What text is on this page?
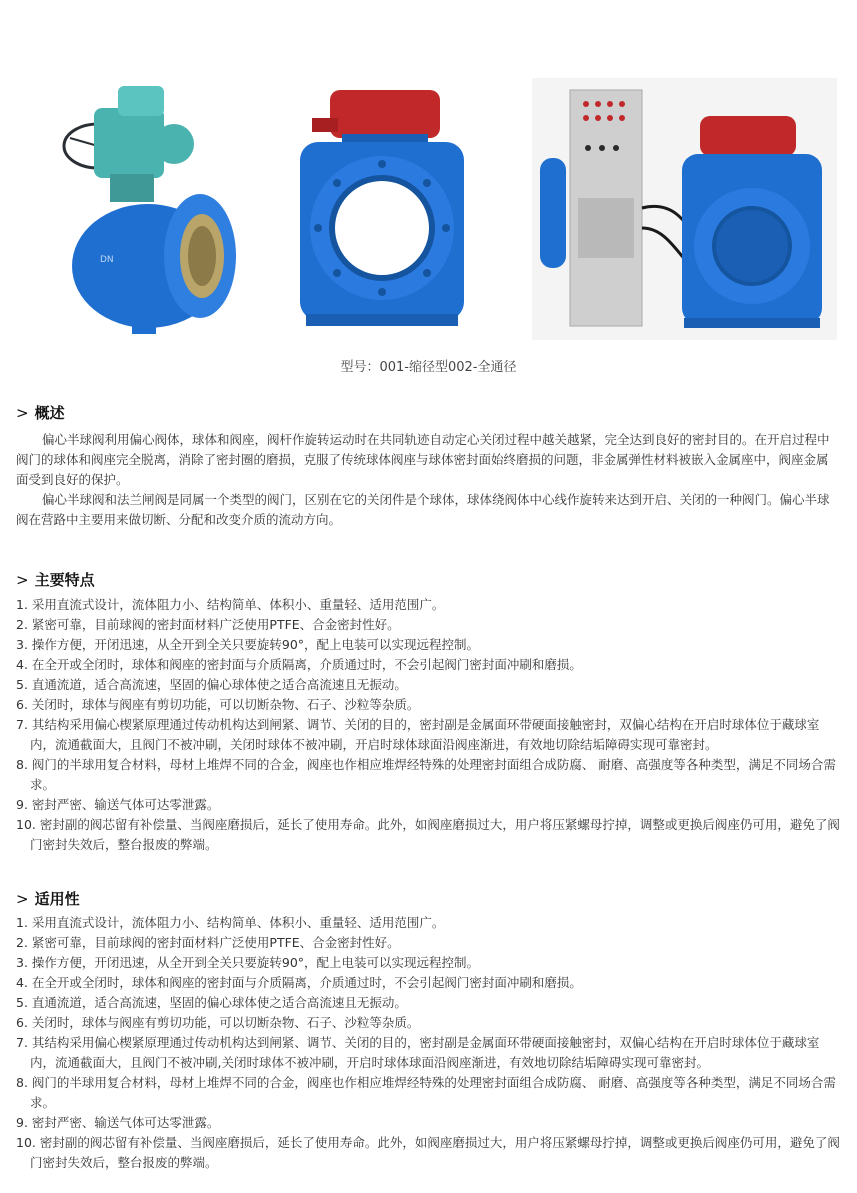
DN
型号：001-缩径型002-全通径
> 概述

偏心半球阀利用偏心阀体，球体和阀座，阀杆作旋转运动时在共同轨迹自动定心关闭过程中越关越紧，完全达到良好的密封目的。在开启过程中阀门的球体和阀座完全脱离，消除了密封圈的磨损，克服了传统球体阀座与球体密封面始终磨损的问题，非金属弹性材料被嵌入金属座中，阀座金属面受到良好的保护。

偏心半球阀和法兰闸阀是同属一个类型的阀门，区别在它的关闭件是个球体，球体绕阀体中心线作旋转来达到开启、关闭的一种阀门。偏心半球阀在营路中主要用来做切断、分配和改变介质的流动方向。

> 主要特点
1. 采用直流式设计，流体阻力小、结构简单、体积小、重量轻、适用范围广。
2. 紧密可靠，目前球阀的密封面材料广泛使用PTFE、合金密封性好。
3. 操作方便，开闭迅速，从全开到全关只要旋转90°，配上电装可以实现远程控制。
4. 在全开或全闭时，球体和阀座的密封面与介质隔离，介质通过时，不会引起阀门密封面冲刷和磨损。
5. 直通流道，适合高流速，坚固的偏心球体使之适合高流速且无振动。
6. 关闭时，球体与阀座有剪切功能，可以切断杂物、石子、沙粒等杂质。
7. 其结构采用偏心楔紧原理通过传动机构达到闸紧、调节、关闭的目的，密封副是金属面环带硬面接触密封，双偏心结构在开启时球体位于藏球室内，流通截面大，且阀门不被冲刷，关闭时球体不被冲刷，开启时球体球面沿阀座渐进，有效地切除结垢障碍实现可靠密封。
8. 阀门的半球用复合材料，母材上堆焊不同的合金，阀座也作相应堆焊经特殊的处理密封面组合成防腐、 耐磨、高强度等各种类型，满足不同场合需求。
9. 密封严密、输送气体可达零泄露。
10. 密封副的阀芯留有补偿量、当阀座磨损后，延长了使用寿命。此外，如阀座磨损过大，用户将压紧螺母拧掉，调整或更换后阀座仍可用，避免了阀门密封失效后，整台报废的弊端。
> 适用性
1. 采用直流式设计，流体阻力小、结构简单、体积小、重量轻、适用范围广。
2. 紧密可靠，目前球阀的密封面材料广泛使用PTFE、合金密封性好。
3. 操作方便，开闭迅速，从全开到全关只要旋转90°，配上电装可以实现远程控制。
4. 在全开或全闭时，球体和阀座的密封面与介质隔离，介质通过时，不会引起阀门密封面冲刷和磨损。
5. 直通流道，适合高流速，坚固的偏心球体使之适合高流速且无振动。
6. 关闭时，球体与阀座有剪切功能，可以切断杂物、石子、沙粒等杂质。
7. 其结构采用偏心楔紧原理通过传动机构达到闸紧、调节、关闭的目的，密封副是金属面环带硬面接触密封，双偏心结构在开启时球体位于藏球室内，流通截面大，且阀门不被冲刷,关闭时球体不被冲刷，开启时球体球面沿阀座渐进，有效地切除结垢障碍实现可靠密封。
8. 阀门的半球用复合材料，母材上堆焊不同的合金，阀座也作相应堆焊经特殊的处理密封面组合成防腐、 耐磨、高强度等各种类型，满足不同场合需求。
9. 密封严密、输送气体可达零泄露。
10. 密封副的阀芯留有补偿量、当阀座磨损后，延长了使用寿命。此外，如阀座磨损过大，用户将压紧螺母拧掉，调整或更换后阀座仍可用，避免了阀门密封失效后，整台报废的弊端。
